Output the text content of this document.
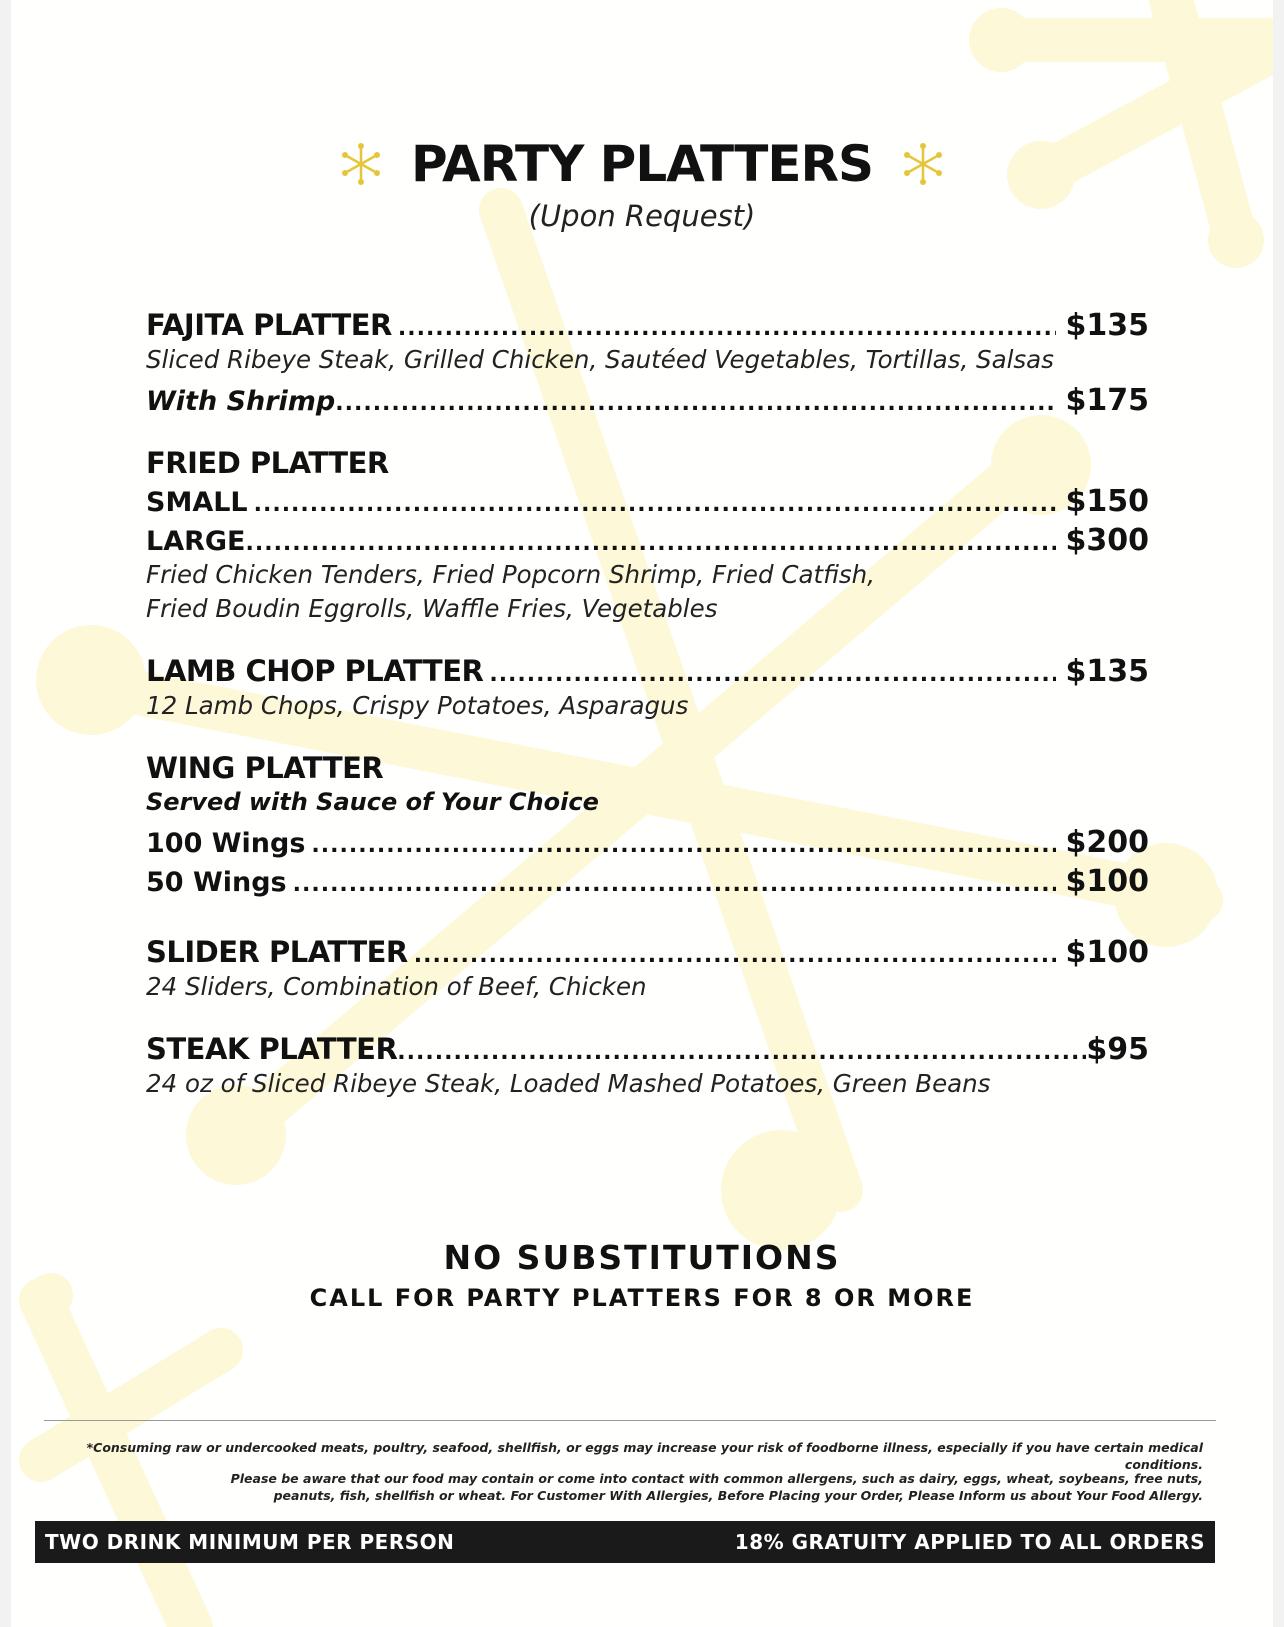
PARTY PLATTERS
(Upon Request)
FAJITA PLATTER .....	$135
Sliced Ribeye Steak, Grilled Chicken, Sautéed Vegetables, Tortillas, Salsas
With Shrimp .....	$175
FRIED PLATTER
SMALL .....	$150
LARGE .....	$300
Fried Chicken Tenders, Fried Popcorn Shrimp, Fried Catfish,
Fried Boudin Eggrolls, Waffle Fries, Vegetables
LAMB CHOP PLATTER .....	$135
12 Lamb Chops, Crispy Potatoes, Asparagus
WING PLATTER
Served with Sauce of Your Choice
100 Wings .....	$200
50 Wings .....	$100
SLIDER PLATTER .....	$100
24 Sliders, Combination of Beef, Chicken
STEAK PLATTER .....	$95
24 oz of Sliced Ribeye Steak, Loaded Mashed Potatoes, Green Beans
NO SUBSTITUTIONS
CALL FOR PARTY PLATTERS FOR 8 OR MORE
*Consuming raw or undercooked meats, poultry, seafood, shellfish, or eggs may increase your risk of foodborne illness, especially if you have certain medical conditions.
Please be aware that our food may contain or come into contact with common allergens, such as dairy, eggs, wheat, soybeans, free nuts,
peanuts, fish, shellfish or wheat. For Customer With Allergies, Before Placing your Order, Please Inform us about Your Food Allergy.
TWO DRINK MINIMUM PER PERSON	18% GRATUITY APPLIED TO ALL ORDERS
